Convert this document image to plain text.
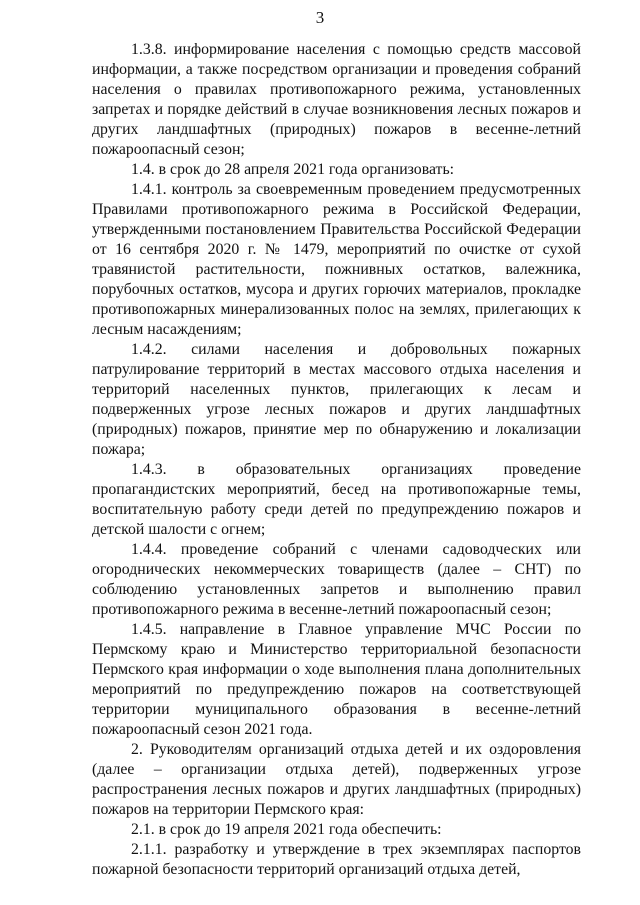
3

1.3.8. информирование населения с помощью средств массовой информации, а также посредством организации и проведения собраний населения о правилах противопожарного режима, установленных запретах и порядке действий в случае возникновения лесных пожаров и других ландшафтных (природных) пожаров в весенне-летний пожароопасный сезон;

1.4. в срок до 28 апреля 2021 года организовать:

1.4.1. контроль за своевременным проведением предусмотренных Правилами противопожарного режима в Российской Федерации, утвержденными постановлением Правительства Российской Федерации от 16 сентября 2020 г. № 1479, мероприятий по очистке от сухой травянистой растительности, пожнивных остатков, валежника, порубочных остатков, мусора и других горючих материалов, прокладке противопожарных минерализованных полос на землях, прилегающих к лесным насаждениям;

1.4.2. силами населения и добровольных пожарных патрулирование территорий в местах массового отдыха населения и территорий населенных пунктов, прилегающих к лесам и подверженных угрозе лесных пожаров и других ландшафтных (природных) пожаров, принятие мер по обнаружению и локализации пожара;

1.4.3. в образовательных организациях проведение пропагандистских мероприятий, бесед на противопожарные темы, воспитательную работу среди детей по предупреждению пожаров и детской шалости с огнем;

1.4.4. проведение собраний с членами садоводческих или огороднических некоммерческих товариществ (далее – СНТ) по соблюдению установленных запретов и выполнению правил противопожарного режима в весенне-летний пожароопасный сезон;

1.4.5. направление в Главное управление МЧС России по Пермскому краю и Министерство территориальной безопасности Пермского края информации о ходе выполнения плана дополнительных мероприятий по предупреждению пожаров на соответствующей территории муниципального образования в весенне-летний пожароопасный сезон 2021 года.

2. Руководителям организаций отдыха детей и их оздоровления (далее – организации отдыха детей), подверженных угрозе распространения лесных пожаров и других ландшафтных (природных) пожаров на территории Пермского края:

2.1. в срок до 19 апреля 2021 года обеспечить:

2.1.1. разработку и утверждение в трех экземплярах паспортов пожарной безопасности территорий организаций отдыха детей,
